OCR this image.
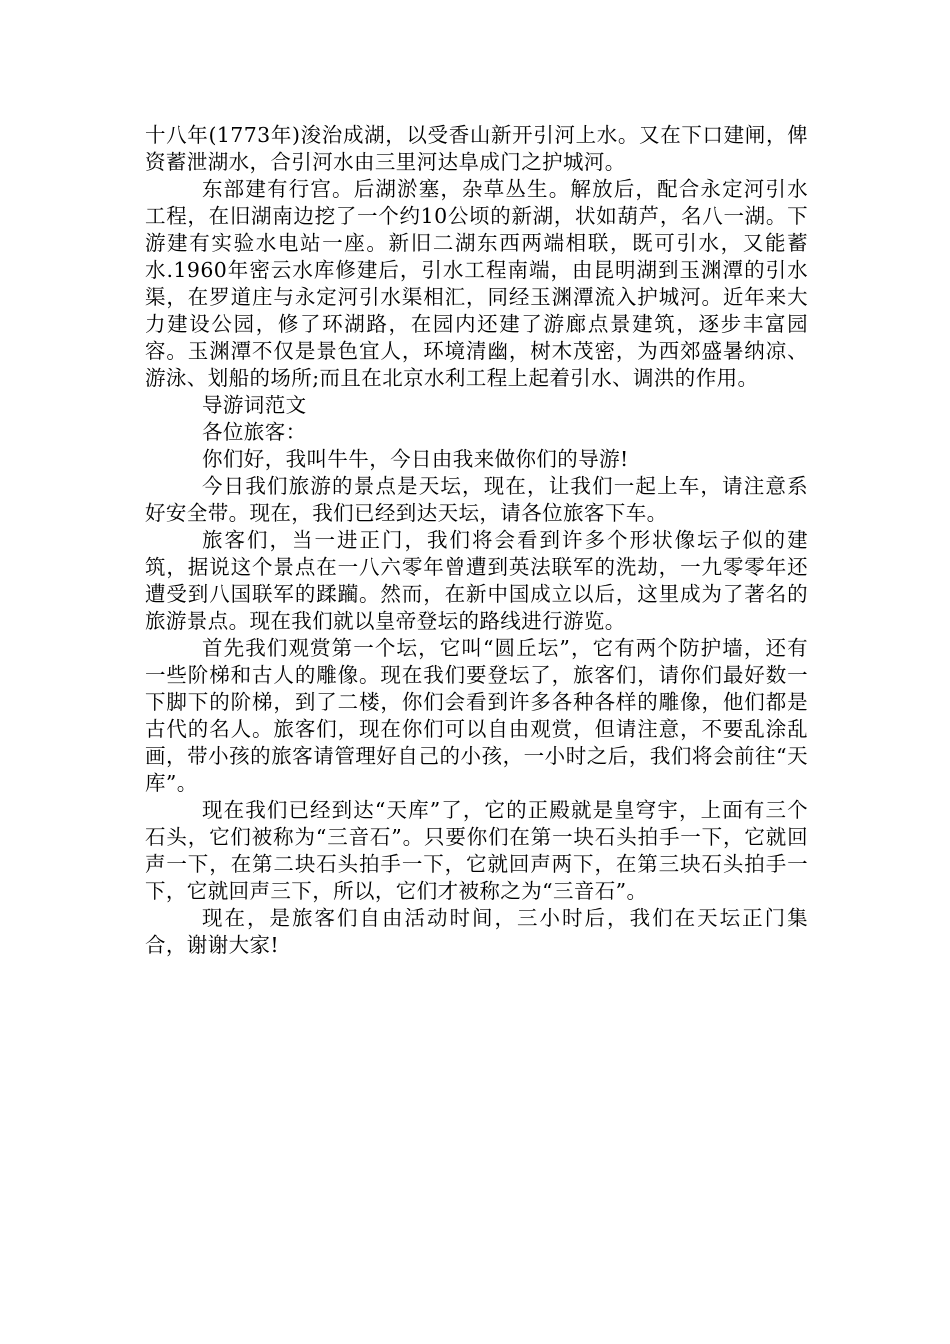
十八年(1773年)浚治成湖，以受香山新开引河上水。又在下口建闸，俾资蓄泄湖水，合引河水由三里河达阜成门之护城河。

东部建有行宫。后湖淤塞，杂草丛生。解放后，配合永定河引水工程，在旧湖南边挖了一个约10公顷的新湖，状如葫芦，名八一湖。下游建有实验水电站一座。新旧二湖东西两端相联，既可引水，又能蓄水.1960年密云水库修建后，引水工程南端，由昆明湖到玉渊潭的引水渠，在罗道庄与永定河引水渠相汇，同经玉渊潭流入护城河。近年来大力建设公园，修了环湖路，在园内还建了游廊点景建筑，逐步丰富园容。玉渊潭不仅是景色宜人，环境清幽，树木茂密，为西郊盛暑纳凉、游泳、划船的场所;而且在北京水利工程上起着引水、调洪的作用。

导游词范文

各位旅客：

你们好，我叫牛牛，今日由我来做你们的导游!

今日我们旅游的景点是天坛，现在，让我们一起上车，请注意系好安全带。现在，我们已经到达天坛，请各位旅客下车。

旅客们，当一进正门，我们将会看到许多个形状像坛子似的建筑，据说这个景点在一八六零年曾遭到英法联军的洗劫，一九零零年还遭受到八国联军的蹂躏。然而，在新中国成立以后，这里成为了著名的旅游景点。现在我们就以皇帝登坛的路线进行游览。

首先我们观赏第一个坛，它叫“圆丘坛”，它有两个防护墙，还有一些阶梯和古人的雕像。现在我们要登坛了，旅客们，请你们最好数一下脚下的阶梯，到了二楼，你们会看到许多各种各样的雕像，他们都是古代的名人。旅客们，现在你们可以自由观赏，但请注意，不要乱涂乱画，带小孩的旅客请管理好自己的小孩，一小时之后，我们将会前往“天库”。

现在我们已经到达“天库”了，它的正殿就是皇穹宇，上面有三个石头，它们被称为“三音石”。只要你们在第一块石头拍手一下，它就回声一下，在第二块石头拍手一下，它就回声两下，在第三块石头拍手一下，它就回声三下，所以，它们才被称之为“三音石”。

现在，是旅客们自由活动时间，三小时后，我们在天坛正门集合，谢谢大家!
